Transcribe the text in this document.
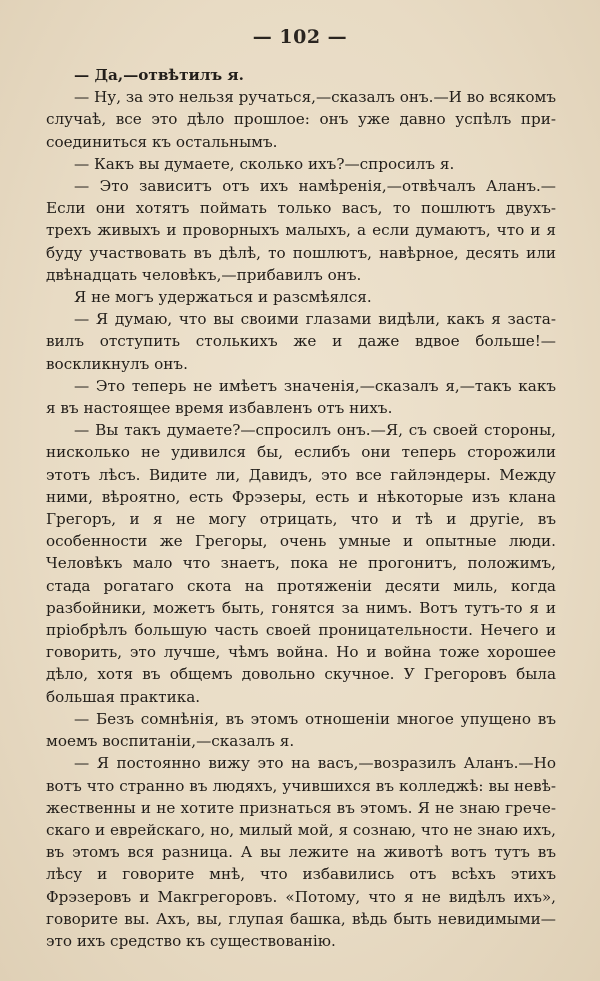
— 102 —

— Да,—отвѣтилъ я.

— Ну, за это нельзя ручаться,—сказалъ онъ.—И во всякомъ случаѣ, все это дѣло прошлое: онъ уже давно успѣлъ присоединиться къ остальнымъ.

— Какъ вы думаете, сколько ихъ?—спросилъ я.

— Это зависитъ отъ ихъ намѣренія,—отвѣчалъ Аланъ.— Если они хотятъ поймать только васъ, то пошлютъ двухъ-трехъ живыхъ и проворныхъ малыхъ, а если думаютъ, что и я буду участвовать въ дѣлѣ, то пошлютъ, навѣрное, десять или двѣнадцать человѣкъ,—прибавилъ онъ.

Я не могъ удержаться и разсмѣялся.

— Я думаю, что вы своими глазами видѣли, какъ я заставилъ отступить столькихъ же и даже вдвое больше!—воскликнулъ онъ.

— Это теперь не имѣетъ значенія,—сказалъ я,—такъ какъ я въ настоящее время избавленъ отъ нихъ.

— Вы такъ думаете?—спросилъ онъ.—Я, съ своей стороны, нисколько не удивился бы, еслибъ они теперь сторожили этотъ лѣсъ. Видите ли, Давидъ, это все гайлэндеры. Между ними, вѣроятно, есть Фрэзеры, есть и нѣкоторые изъ клана Грегоръ, и я не могу отрицать, что и тѣ и другіе, въ особенности же Грегоры, очень умные и опытные люди. Человѣкъ мало что знаетъ, пока не прогонитъ, положимъ, стада рогатаго скота на протяженіи десяти миль, когда разбойники, можетъ быть, гонятся за нимъ. Вотъ тутъ-то я и пріобрѣлъ большую часть своей проницательности. Нечего и говорить, это лучше, чѣмъ война. Но и война тоже хорошее дѣло, хотя въ общемъ довольно скучное. У Грегоровъ была большая практика.

— Безъ сомнѣнія, въ этомъ отношеніи многое упущено въ моемъ воспитаніи,—сказалъ я.

— Я постоянно вижу это на васъ,—возразилъ Аланъ.—Но вотъ что странно въ людяхъ, учившихся въ колледжѣ: вы невѣжественны и не хотите признаться въ этомъ. Я не знаю греческаго и еврейскаго, но, милый мой, я сознаю, что не знаю ихъ, въ этомъ вся разница. А вы лежите на животѣ вотъ тутъ въ лѣсу и говорите мнѣ, что избавились отъ всѣхъ этихъ Фрэзеровъ и Макгрегоровъ. «Потому, что я не видѣлъ ихъ», говорите вы. Ахъ, вы, глупая башка, вѣдь быть невидимыми—это ихъ средство къ существованію.
